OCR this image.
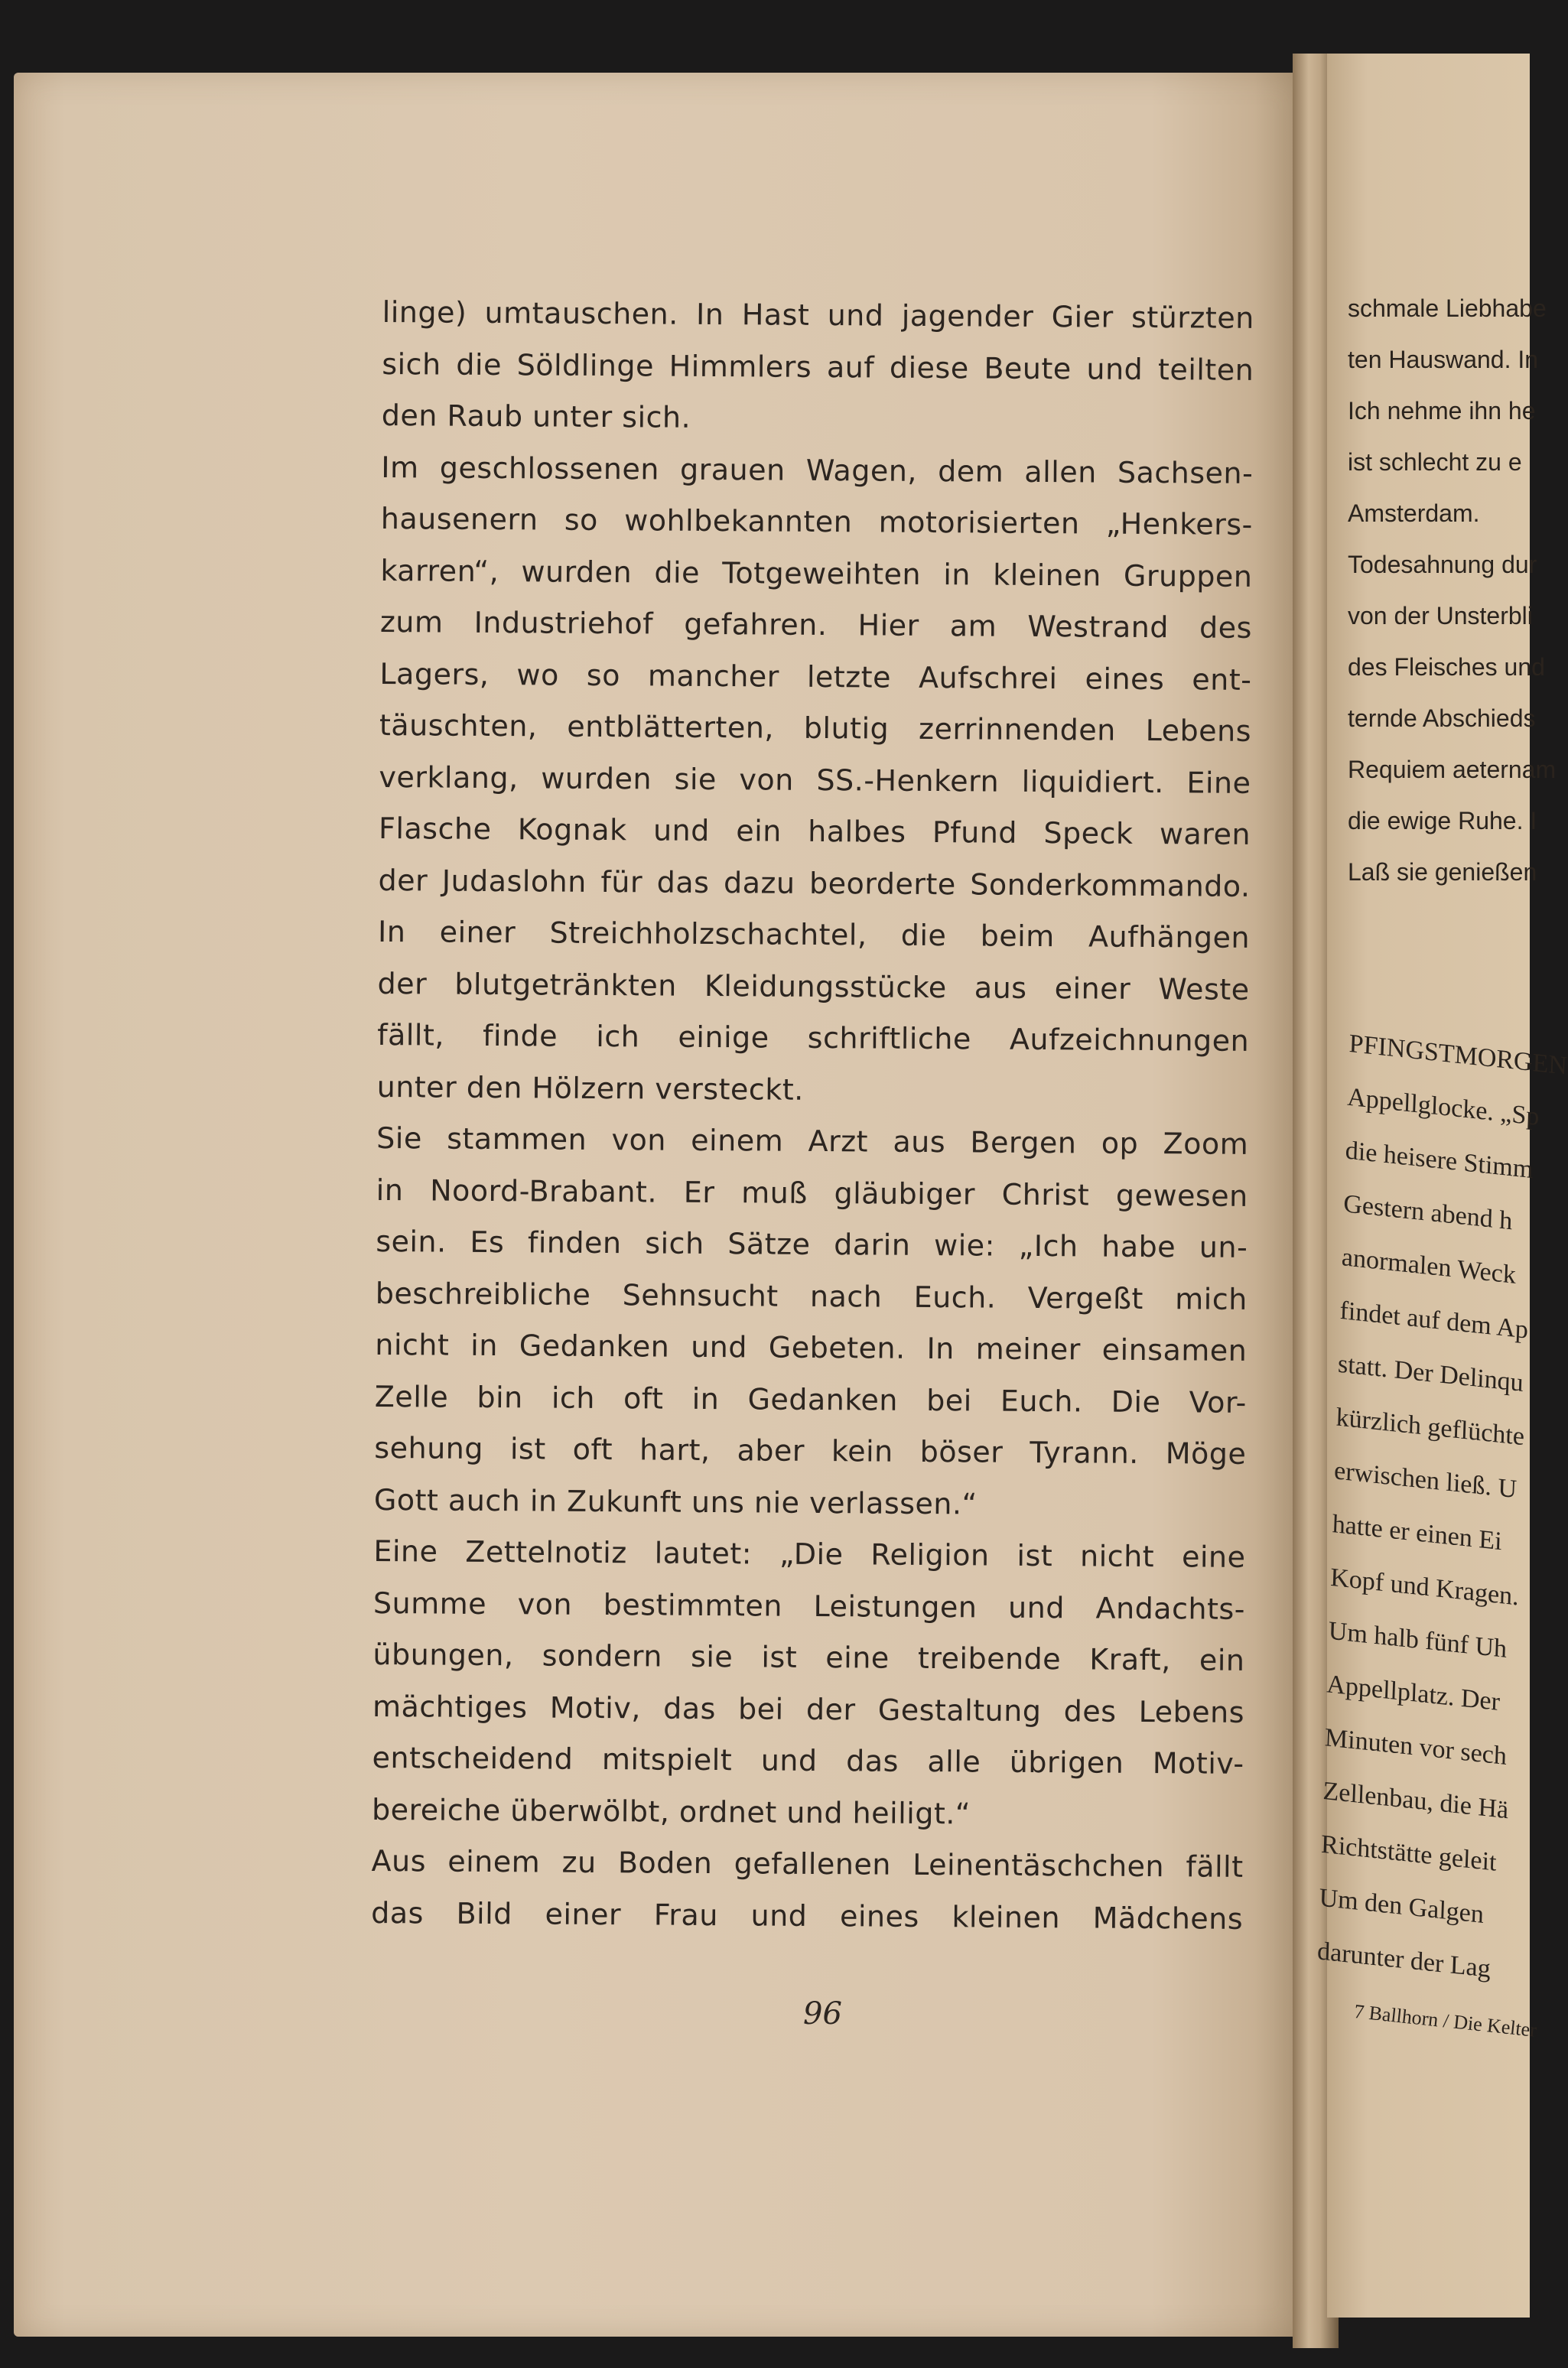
linge) umtauschen. In Hast und jagender Gier stürzten
sich die Söldlinge Himmlers auf diese Beute und teilten
den Raub unter sich.
Im geschlossenen grauen Wagen, dem allen Sachsen-
hausenern so wohlbekannten motorisierten „Henkers-
karren“, wurden die Totgeweihten in kleinen Gruppen
zum Industriehof gefahren. Hier am Westrand des
Lagers, wo so mancher letzte Aufschrei eines ent-
täuschten, entblätterten, blutig zerrinnenden Lebens
verklang, wurden sie von SS.-Henkern liquidiert. Eine
Flasche Kognak und ein halbes Pfund Speck waren
der Judaslohn für das dazu beorderte Sonderkommando.
In einer Streichholzschachtel, die beim Aufhängen
der blutgetränkten Kleidungsstücke aus einer Weste
fällt, finde ich einige schriftliche Aufzeichnungen
unter den Hölzern versteckt.
Sie stammen von einem Arzt aus Bergen op Zoom
in Noord-Brabant. Er muß gläubiger Christ gewesen
sein. Es finden sich Sätze darin wie: „Ich habe un-
beschreibliche Sehnsucht nach Euch. Vergeßt mich
nicht in Gedanken und Gebeten. In meiner einsamen
Zelle bin ich oft in Gedanken bei Euch. Die Vor-
sehung ist oft hart, aber kein böser Tyrann. Möge
Gott auch in Zukunft uns nie verlassen.“
Eine Zettelnotiz lautet: „Die Religion ist nicht eine
Summe von bestimmten Leistungen und Andachts-
übungen, sondern sie ist eine treibende Kraft, ein
mächtiges Motiv, das bei der Gestaltung des Lebens
entscheidend mitspielt und das alle übrigen Motiv-
bereiche überwölbt, ordnet und heiligt.“
Aus einem zu Boden gefallenen Leinentäschchen fällt
das Bild einer Frau und eines kleinen Mädchens
96
schmale Liebhabe
ten Hauswand. In
Ich nehme ihn he
ist schlecht zu e
Amsterdam.
Todesahnung dur
von der Unsterbli
des Fleisches und
ternde Abschieds
Requiem aeternam
die ewige Ruhe. I
Laß sie genießen
PFINGSTMORGEN
Appellglocke. „Sp
die heisere Stimm
Gestern abend h
anormalen Weck
findet auf dem Ap
statt. Der Delinqu
kürzlich geflüchte
erwischen ließ. U
hatte er einen Ei
Kopf und Kragen.
Um halb fünf Uh
Appellplatz. Der
Minuten vor sech
Zellenbau, die Hä
Richtstätte geleit
Um den Galgen
darunter der Lag
7 Ballhorn / Die Kelter
